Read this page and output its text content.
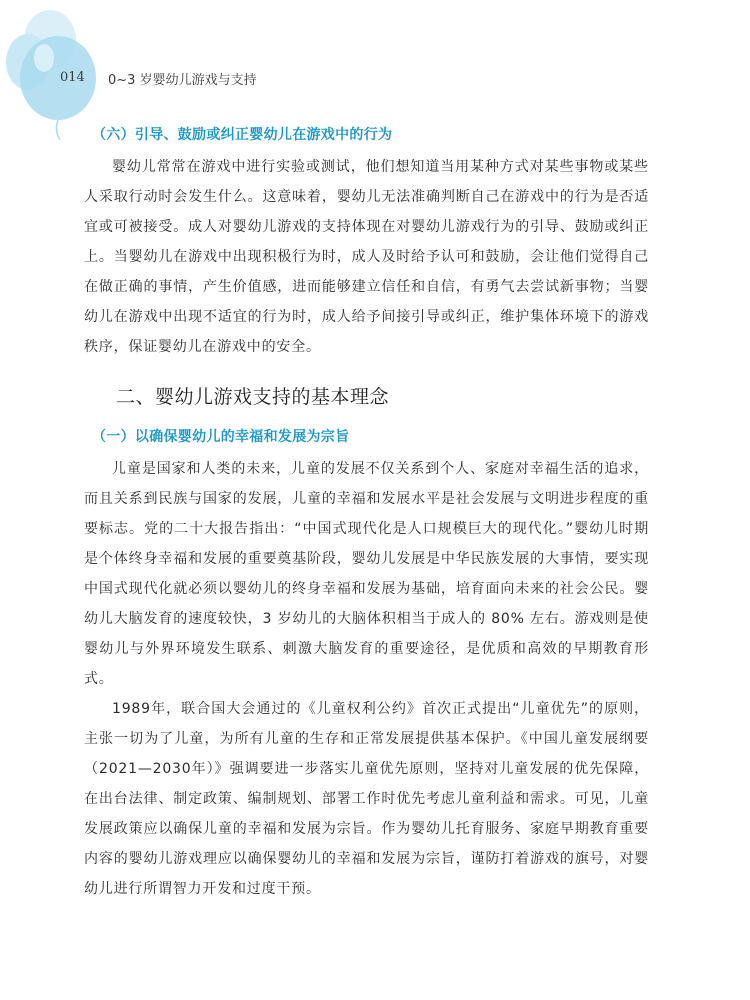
014 0~3 岁婴幼儿游戏与支持
（六）引导、鼓励或纠正婴幼儿在游戏中的行为

婴幼儿常常在游戏中进行实验或测试，他们想知道当用某种方式对某些事物或某些人采取行动时会发生什么。这意味着，婴幼儿无法准确判断自己在游戏中的行为是否适宜或可被接受。成人对婴幼儿游戏的支持体现在对婴幼儿游戏行为的引导、鼓励或纠正上。当婴幼儿在游戏中出现积极行为时，成人及时给予认可和鼓励，会让他们觉得自己在做正确的事情，产生价值感，进而能够建立信任和自信，有勇气去尝试新事物；当婴幼儿在游戏中出现不适宜的行为时，成人给予间接引导或纠正，维护集体环境下的游戏秩序，保证婴幼儿在游戏中的安全。

二、婴幼儿游戏支持的基本理念
（一）以确保婴幼儿的幸福和发展为宗旨

儿童是国家和人类的未来，儿童的发展不仅关系到个人、家庭对幸福生活的追求，而且关系到民族与国家的发展，儿童的幸福和发展水平是社会发展与文明进步程度的重要标志。党的二十大报告指出：“中国式现代化是人口规模巨大的现代化。”婴幼儿时期是个体终身幸福和发展的重要奠基阶段，婴幼儿发展是中华民族发展的大事情，要实现中国式现代化就必须以婴幼儿的终身幸福和发展为基础，培育面向未来的社会公民。婴幼儿大脑发育的速度较快，3 岁幼儿的大脑体积相当于成人的 80% 左右。游戏则是使婴幼儿与外界环境发生联系、刺激大脑发育的重要途径，是优质和高效的早期教育形式。

1989年，联合国大会通过的《儿童权利公约》首次正式提出“儿童优先”的原则，主张一切为了儿童，为所有儿童的生存和正常发展提供基本保护。《中国儿童发展纲要（2021—2030年）》强调要进一步落实儿童优先原则，坚持对儿童发展的优先保障，在出台法律、制定政策、编制规划、部署工作时优先考虑儿童利益和需求。可见，儿童发展政策应以确保儿童的幸福和发展为宗旨。作为婴幼儿托育服务、家庭早期教育重要内容的婴幼儿游戏理应以确保婴幼儿的幸福和发展为宗旨，谨防打着游戏的旗号，对婴幼儿进行所谓智力开发和过度干预。
